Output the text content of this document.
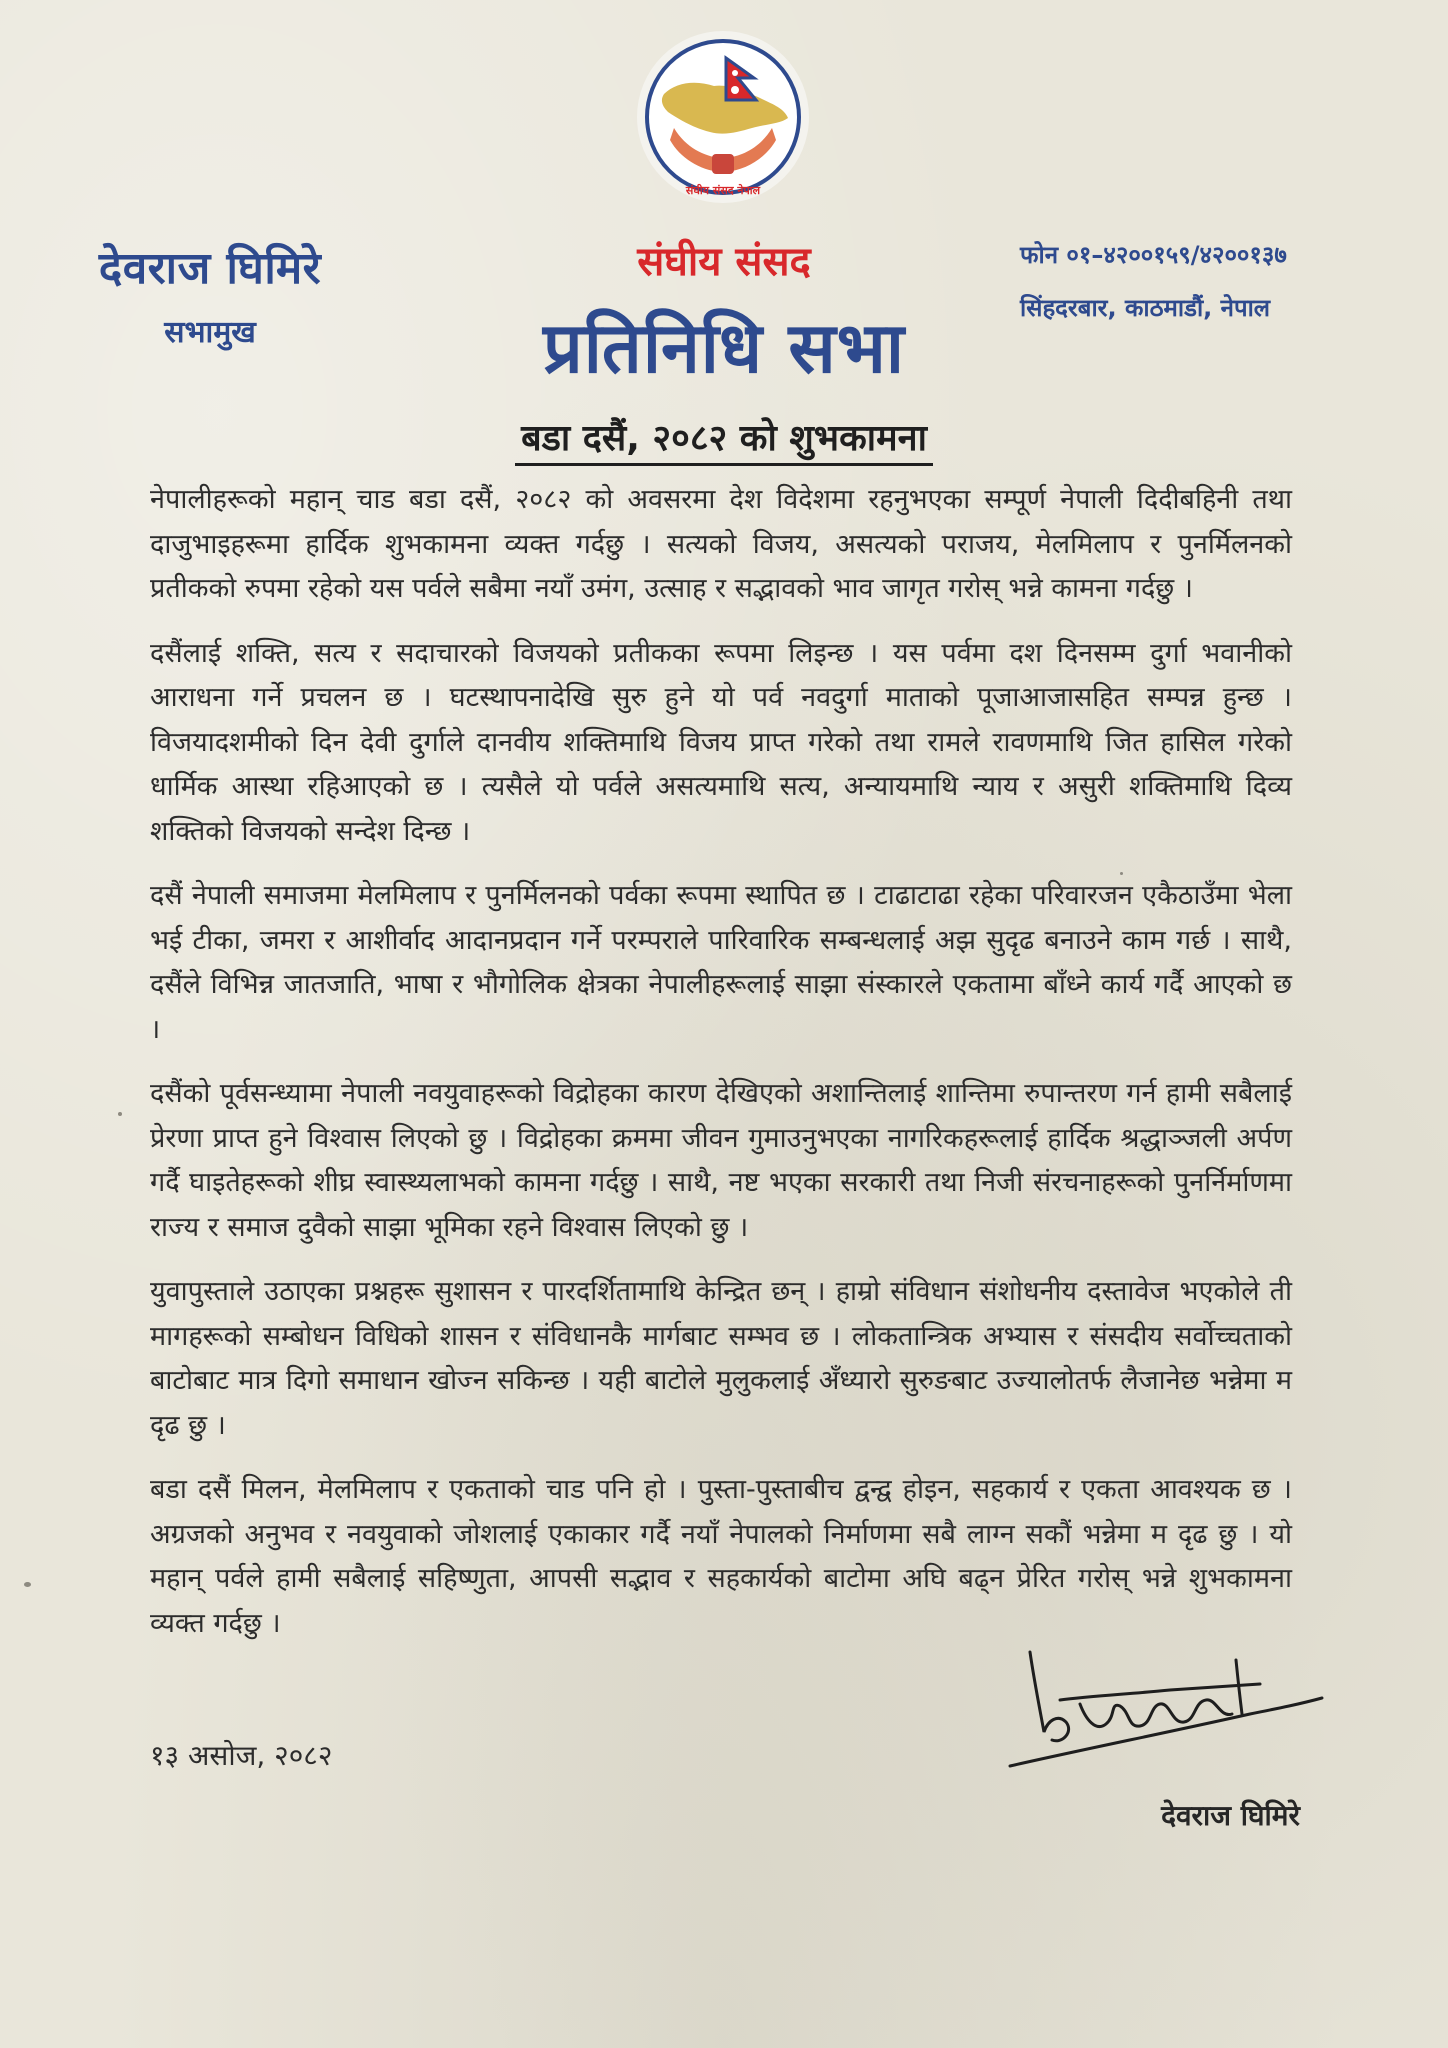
संघीय संसद नेपाल
देवराज घिमिरे
सभामुख
संघीय संसद
प्रतिनिधि सभा
फोन ०१–४२००१५९/४२००१३७
सिंहदरबार, काठमाडौं, नेपाल
बडा दसैं, २०८२ को शुभकामना

नेपालीहरूको महान् चाड बडा दसैं, २०८२ को अवसरमा देश विदेशमा रहनुभएका सम्पूर्ण नेपाली दिदीबहिनी तथा दाजुभाइहरूमा हार्दिक शुभकामना व्यक्त गर्दछु । सत्यको विजय, असत्यको पराजय, मेलमिलाप र पुनर्मिलनको प्रतीकको रुपमा रहेको यस पर्वले सबैमा नयाँ उमंग, उत्साह र सद्भावको भाव जागृत गरोस् भन्ने कामना गर्दछु ।

दसैंलाई शक्ति, सत्य र सदाचारको विजयको प्रतीकका रूपमा लिइन्छ । यस पर्वमा दश दिनसम्म दुर्गा भवानीको आराधना गर्ने प्रचलन छ । घटस्थापनादेखि सुरु हुने यो पर्व नवदुर्गा माताको पूजाआजासहित सम्पन्न हुन्छ । विजयादशमीको दिन देवी दुर्गाले दानवीय शक्तिमाथि विजय प्राप्त गरेको तथा रामले रावणमाथि जित हासिल गरेको धार्मिक आस्था रहिआएको छ । त्यसैले यो पर्वले असत्यमाथि सत्य, अन्यायमाथि न्याय र असुरी शक्तिमाथि दिव्य शक्तिको विजयको सन्देश दिन्छ ।

दसैं नेपाली समाजमा मेलमिलाप र पुनर्मिलनको पर्वका रूपमा स्थापित छ । टाढाटाढा रहेका परिवारजन एकैठाउँमा भेला भई टीका, जमरा र आशीर्वाद आदानप्रदान गर्ने परम्पराले पारिवारिक सम्बन्धलाई अझ सुदृढ बनाउने काम गर्छ । साथै, दसैंले विभिन्न जातजाति, भाषा र भौगोलिक क्षेत्रका नेपालीहरूलाई साझा संस्कारले एकतामा बाँध्ने कार्य गर्दै आएको छ ।

दसैंको पूर्वसन्ध्यामा नेपाली नवयुवाहरूको विद्रोहका कारण देखिएको अशान्तिलाई शान्तिमा रुपान्तरण गर्न हामी सबैलाई प्रेरणा प्राप्त हुने विश्वास लिएको छु । विद्रोहका क्रममा जीवन गुमाउनुभएका नागरिकहरूलाई हार्दिक श्रद्धाञ्जली अर्पण गर्दै घाइतेहरूको शीघ्र स्वास्थ्यलाभको कामना गर्दछु । साथै, नष्ट भएका सरकारी तथा निजी संरचनाहरूको पुनर्निर्माणमा राज्य र समाज दुवैको साझा भूमिका रहने विश्वास लिएको छु ।

युवापुस्ताले उठाएका प्रश्नहरू सुशासन र पारदर्शितामाथि केन्द्रित छन् । हाम्रो संविधान संशोधनीय दस्तावेज भएकोले ती मागहरूको सम्बोधन विधिको शासन र संविधानकै मार्गबाट सम्भव छ । लोकतान्त्रिक अभ्यास र संसदीय सर्वोच्चताको बाटोबाट मात्र दिगो समाधान खोज्न सकिन्छ । यही बाटोले मुलुकलाई अँध्यारो सुरुङबाट उज्यालोतर्फ लैजानेछ भन्नेमा म दृढ छु ।

बडा दसैं मिलन, मेलमिलाप र एकताको चाड पनि हो । पुस्ता-पुस्ताबीच द्वन्द्व होइन, सहकार्य र एकता आवश्यक छ । अग्रजको अनुभव र नवयुवाको जोशलाई एकाकार गर्दै नयाँ नेपालको निर्माणमा सबै लाग्न सकौं भन्नेमा म दृढ छु । यो महान् पर्वले हामी सबैलाई सहिष्णुता, आपसी सद्भाव र सहकार्यको बाटोमा अघि बढ्न प्रेरित गरोस् भन्ने शुभकामना व्यक्त गर्दछु ।

१३ असोज, २०८२
देवराज घिमिरे
